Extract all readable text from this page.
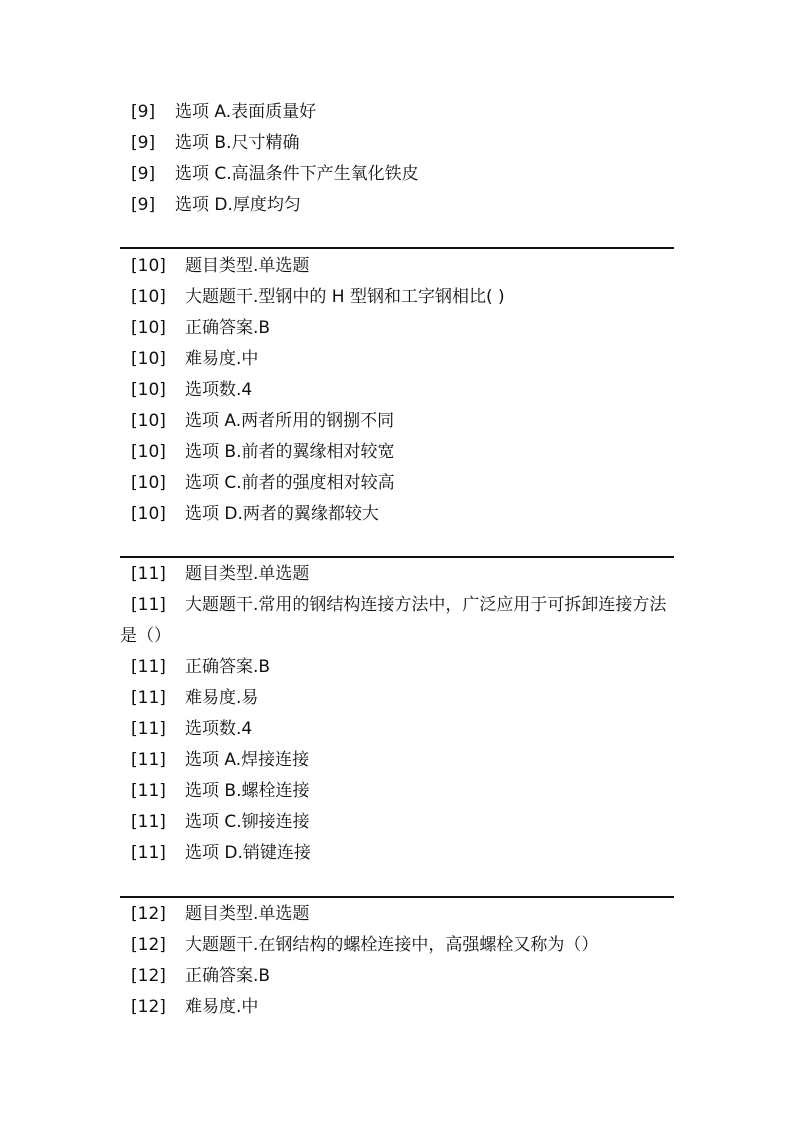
[9] 选项 A.表面质量好
[9] 选项 B.尺寸精确
[9] 选项 C.高温条件下产生氧化铁皮
[9] 选项 D.厚度均匀
[10] 题目类型.单选题
[10] 大题题干.型钢中的 H 型钢和工字钢相比( )
[10] 正确答案.B
[10] 难易度.中
[10] 选项数.4
[10] 选项 A.两者所用的钢捌不同
[10] 选项 B.前者的翼缘相对较宽
[10] 选项 C.前者的强度相对较高
[10] 选项 D.两者的翼缘都较大
[11] 题目类型.单选题
[11] 大题题干.常用的钢结构连接方法中，广泛应用于可拆卸连接方法是（）
[11] 正确答案.B
[11] 难易度.易
[11] 选项数.4
[11] 选项 A.焊接连接
[11] 选项 B.螺栓连接
[11] 选项 C.铆接连接
[11] 选项 D.销键连接
[12] 题目类型.单选题
[12] 大题题干.在钢结构的螺栓连接中，高强螺栓又称为（）
[12] 正确答案.B
[12] 难易度.中
